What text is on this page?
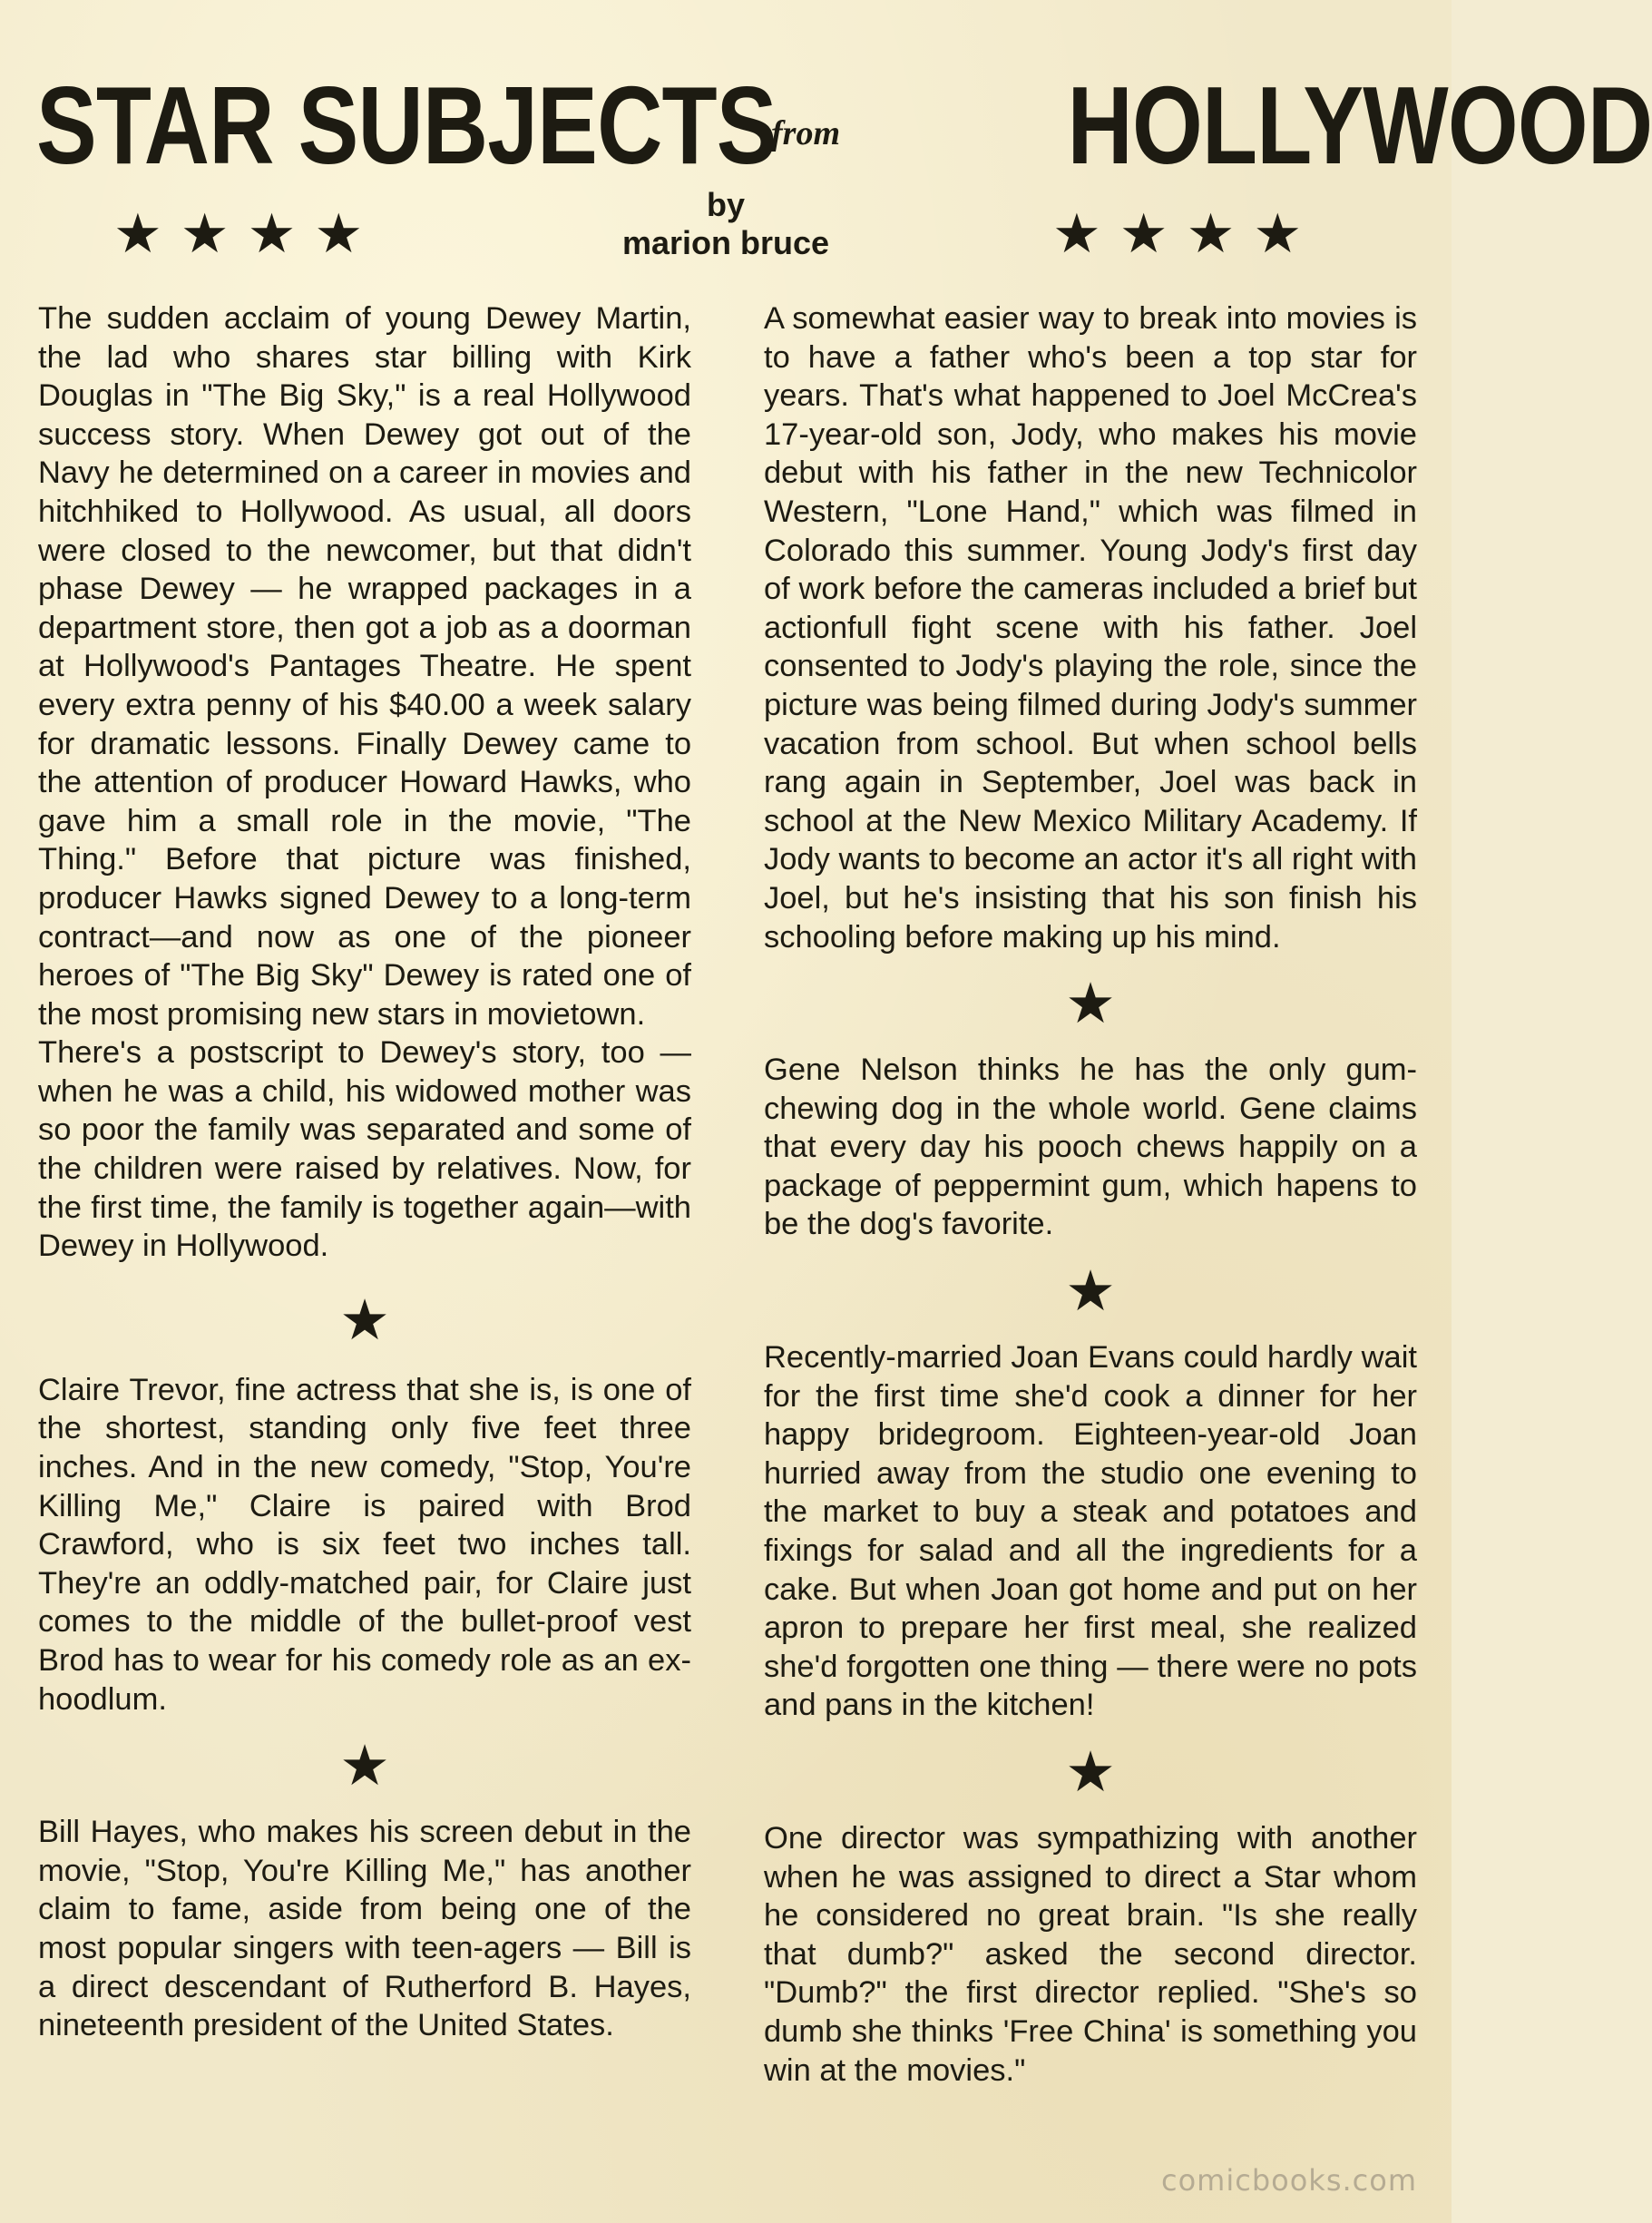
STAR SUBJECTS
from HOLLYWOOD
★★★★	by
marion bruce	★★★★

The sudden acclaim of young Dewey Martin, the lad who shares star billing with Kirk Douglas in "The Big Sky," is a real Hollywood success story. When Dewey got out of the Navy he determined on a career in movies and hitchhiked to Hollywood. As usual, all doors were closed to the newcomer, but that didn't phase Dewey — he wrapped packages in a department store, then got a job as a doorman at Hollywood's Pantages Theatre. He spent every extra penny of his $40.00 a week salary for dramatic lessons. Finally Dewey came to the attention of producer Howard Hawks, who gave him a small role in the movie, "The Thing." Before that picture was finished, producer Hawks signed Dewey to a long-term contract—and now as one of the pioneer heroes of "The Big Sky" Dewey is rated one of the most promising new stars in movietown.

There's a postscript to Dewey's story, too — when he was a child, his widowed mother was so poor the family was separated and some of the children were raised by relatives. Now, for the first time, the family is together again—with Dewey in Hollywood.

★

Claire Trevor, fine actress that she is, is one of the shortest, standing only five feet three inches. And in the new comedy, "Stop, You're Killing Me," Claire is paired with Brod Crawford, who is six feet two inches tall. They're an oddly-matched pair, for Claire just comes to the middle of the bullet-proof vest Brod has to wear for his comedy role as an ex-hoodlum.

★

Bill Hayes, who makes his screen debut in the movie, "Stop, You're Killing Me," has another claim to fame, aside from being one of the most popular singers with teen-agers — Bill is a direct descendant of Rutherford B. Hayes, nineteenth president of the United States.

A somewhat easier way to break into movies is to have a father who's been a top star for years. That's what happened to Joel McCrea's 17-year-old son, Jody, who makes his movie debut with his father in the new Technicolor Western, "Lone Hand," which was filmed in Colorado this summer. Young Jody's first day of work before the cameras included a brief but actionfull fight scene with his father. Joel consented to Jody's playing the role, since the picture was being filmed during Jody's summer vacation from school. But when school bells rang again in September, Joel was back in school at the New Mexico Military Academy. If Jody wants to become an actor it's all right with Joel, but he's insisting that his son finish his schooling before making up his mind.

★

Gene Nelson thinks he has the only gum-chewing dog in the whole world. Gene claims that every day his pooch chews happily on a package of peppermint gum, which hapens to be the dog's favorite.

★

Recently-married Joan Evans could hardly wait for the first time she'd cook a dinner for her happy bridegroom. Eighteen-year-old Joan hurried away from the studio one evening to the market to buy a steak and potatoes and fixings for salad and all the ingredients for a cake. But when Joan got home and put on her apron to prepare her first meal, she realized she'd forgotten one thing — there were no pots and pans in the kitchen!

★

One director was sympathizing with another when he was assigned to direct a Star whom he considered no great brain. "Is she really that dumb?" asked the second director. "Dumb?" the first director replied. "She's so dumb she thinks 'Free China' is something you win at the movies."

comicbooks.com
